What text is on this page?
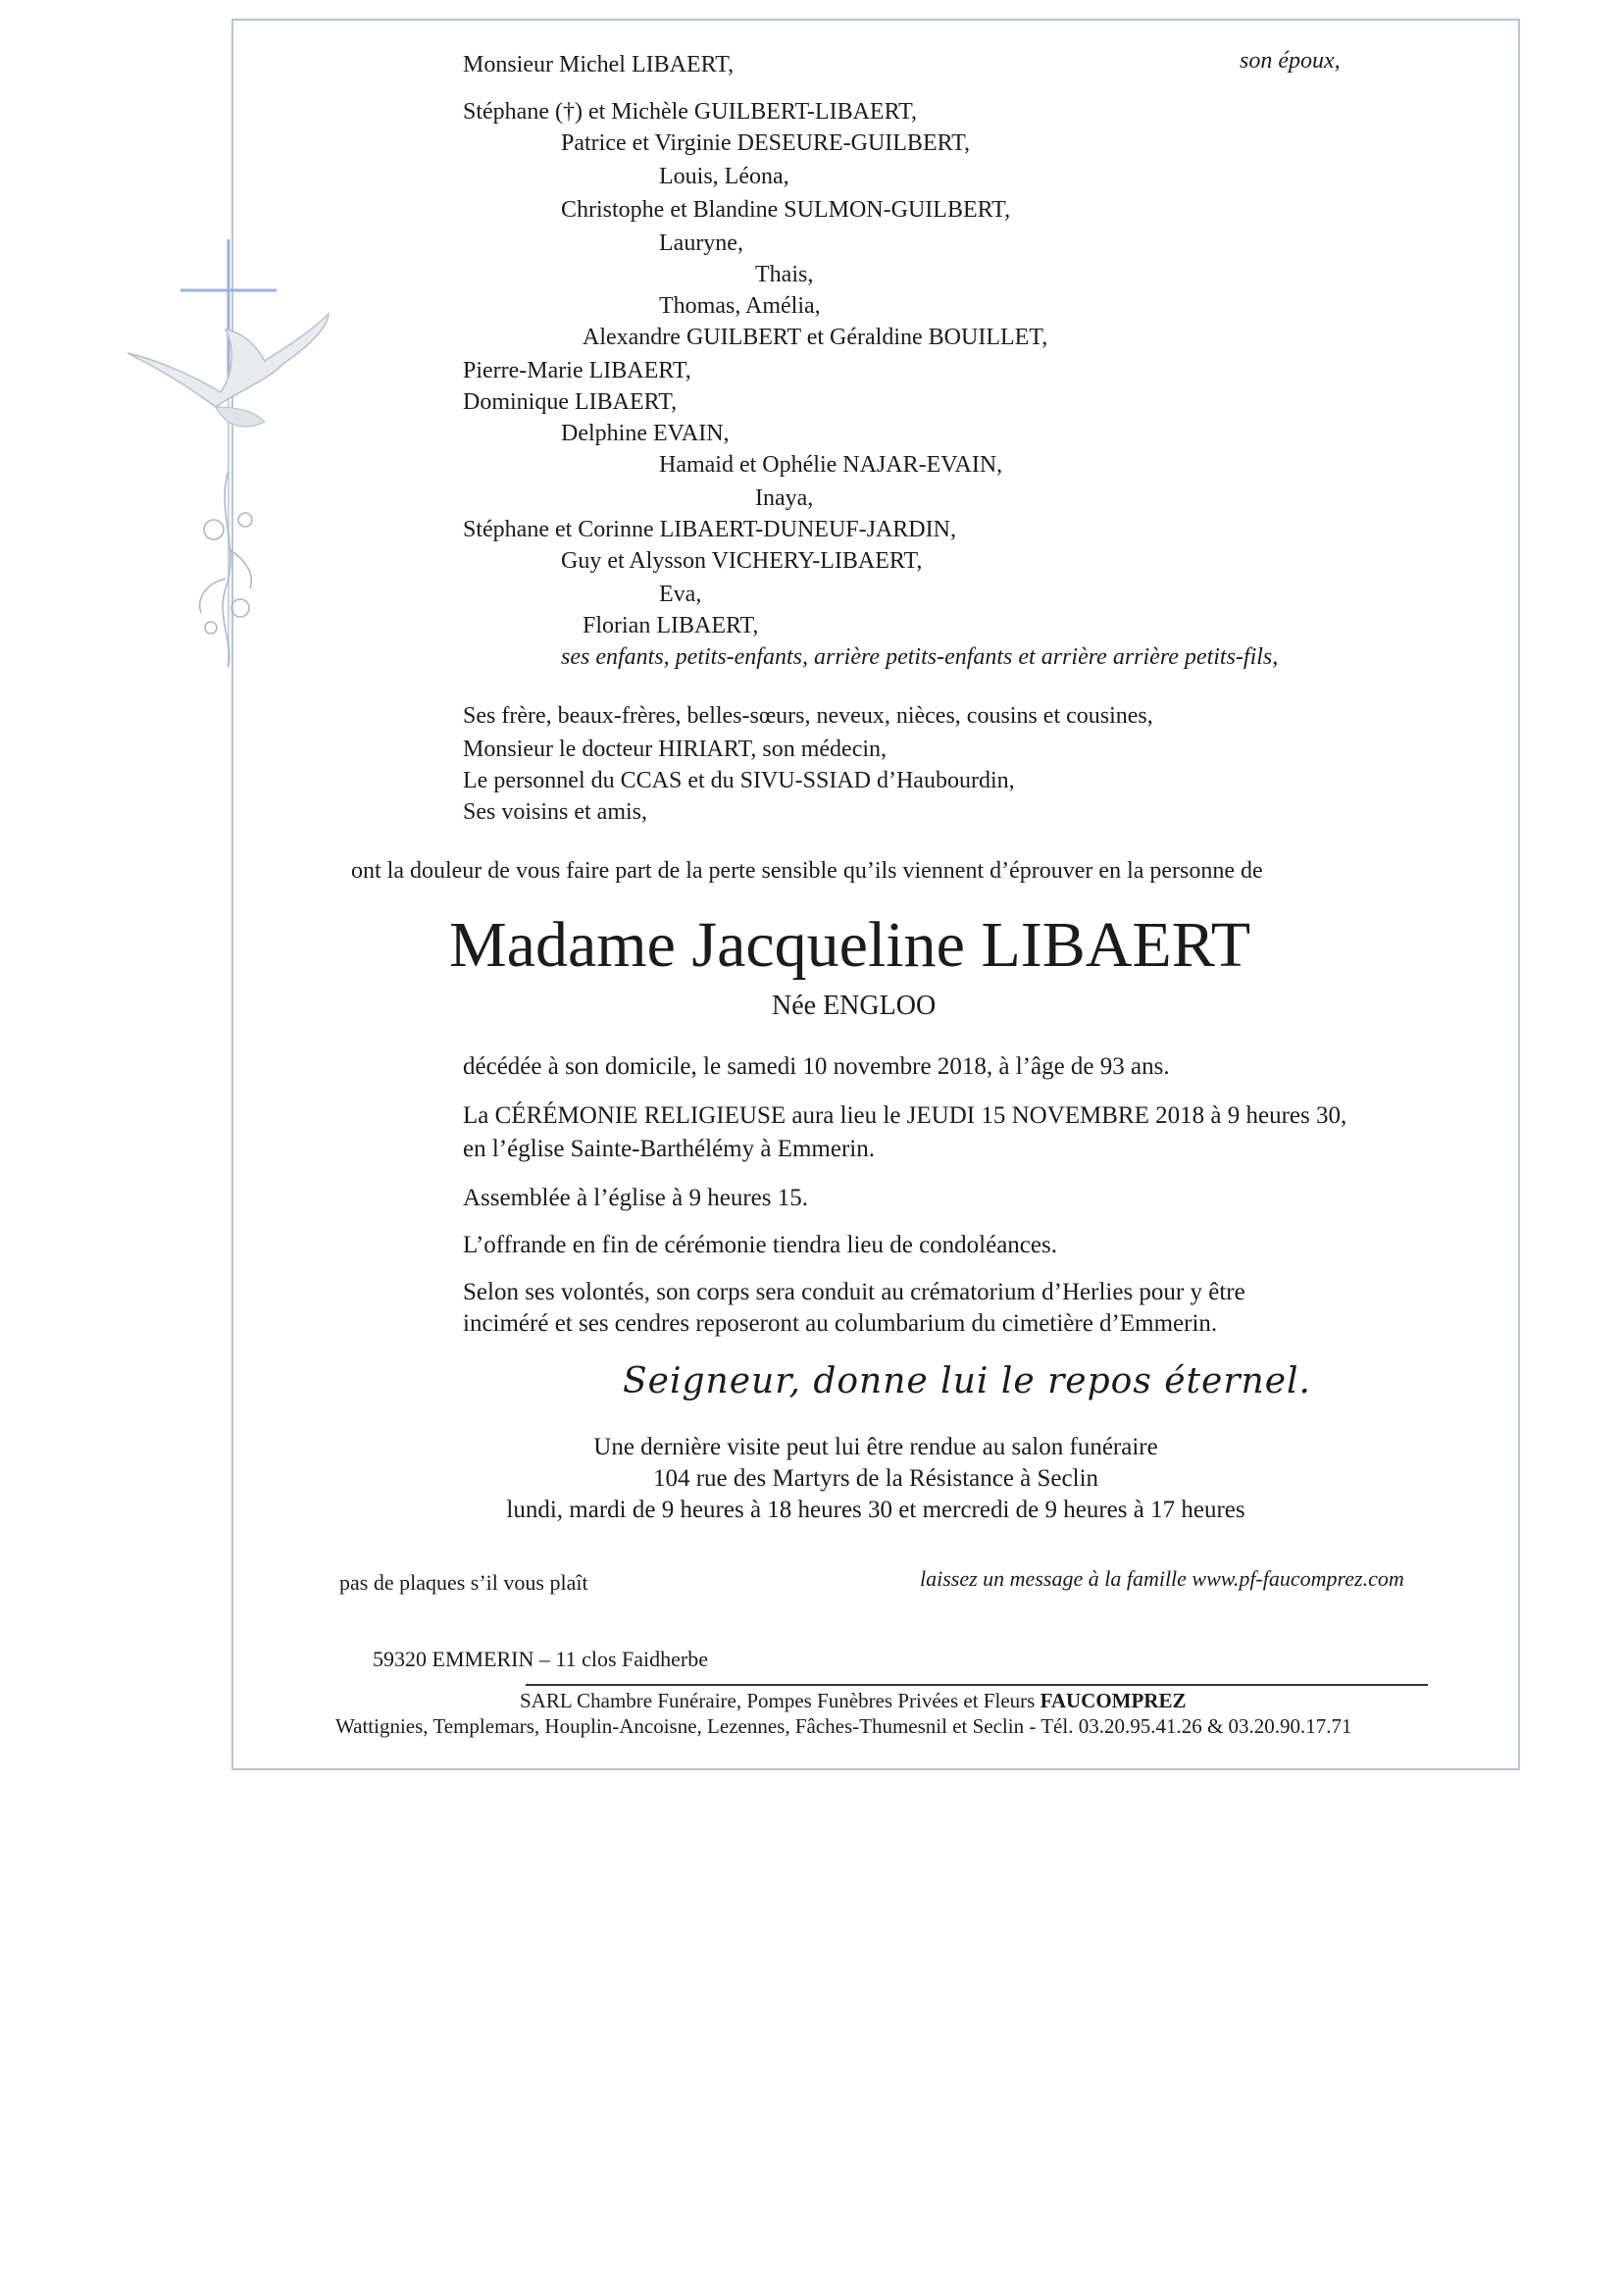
Monsieur Michel LIBAERT,	son époux,
Stéphane (†) et Michèle GUILBERT-LIBAERT,
Patrice et Virginie DESEURE-GUILBERT,
Louis, Léona,
Christophe et Blandine SULMON-GUILBERT,
Lauryne,
Thais,
Thomas, Amélia,
Alexandre GUILBERT et Géraldine BOUILLET,
Pierre-Marie LIBAERT,
Dominique LIBAERT,
Delphine EVAIN,
Hamaid et Ophélie NAJAR-EVAIN,
Inaya,
Stéphane et Corinne LIBAERT-DUNEUF-JARDIN,
Guy et Alysson VICHERY-LIBAERT,
Eva,
Florian LIBAERT,
ses enfants, petits-enfants, arrière petits-enfants et arrière arrière petits-fils,
Ses frère, beaux-frères, belles-sœurs, neveux, nièces, cousins et cousines,
Monsieur le docteur HIRIART, son médecin,
Le personnel du CCAS et du SIVU-SSIAD d’Haubourdin,
Ses voisins et amis,
ont la douleur de vous faire part de la perte sensible qu’ils viennent d’éprouver en la personne de
Madame Jacqueline LIBAERT
Née ENGLOO
décédée à son domicile, le samedi 10 novembre 2018, à l’âge de 93 ans.
La CÉRÉMONIE RELIGIEUSE aura lieu le JEUDI 15 NOVEMBRE 2018 à 9 heures 30,
en l’église Sainte-Barthélémy à Emmerin.
Assemblée à l’église à 9 heures 15.
L’offrande en fin de cérémonie tiendra lieu de condoléances.
Selon ses volontés, son corps sera conduit au crématorium d’Herlies pour y être
inciméré et ses cendres reposeront au columbarium du cimetière d’Emmerin.
Seigneur, donne lui le repos éternel.
Une dernière visite peut lui être rendue au salon funéraire
104 rue des Martyrs de la Résistance à Seclin
lundi, mardi de 9 heures à 18 heures 30 et mercredi de 9 heures à 17 heures
pas de plaques s’il vous plaît	laissez un message à la famille www.pf-faucomprez.com
59320 EMMERIN – 11 clos Faidherbe
SARL Chambre Funéraire, Pompes Funèbres Privées et Fleurs FAUCOMPREZ
Wattignies, Templemars, Houplin-Ancoisne, Lezennes, Fâches-Thumesnil et Seclin - Tél. 03.20.95.41.26 & 03.20.90.17.71
